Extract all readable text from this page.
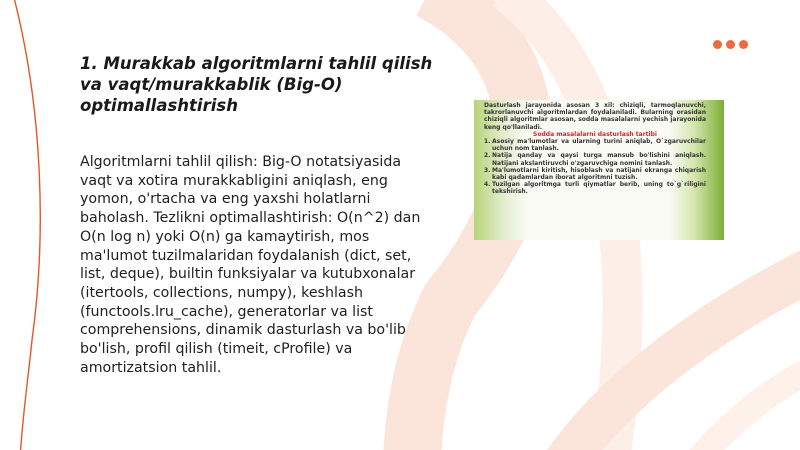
1. Murakkab algoritmlarni tahlil qilish va vaqt/murakkablik (Big-O) optimallashtirish

Algoritmlarni tahlil qilish: Big-O notatsiyasida vaqt va xotira murakkabligini aniqlash, eng yomon, o'rtacha va eng yaxshi holatlarni baholash. Tezlikni optimallashtirish: O(n^2) dan O(n log n) yoki O(n) ga kamaytirish, mos ma'lumot tuzilmalaridan foydalanish (dict, set, list, deque), builtin funksiyalar va kutubxonalar (itertools, collections, numpy), keshlash (functools.lru_cache), generatorlar va list comprehensions, dinamik dasturlash va bo'lib bo'lish, profil qilish (timeit, cProfile) va amortizatsion tahlil.

Dasturlash jarayonida asosan 3 xil: chiziqli, tarmoqlanuvchi, takrorlanuvchi algoritmlardan foydalaniladi. Bularning orasidan chiziqli algoritmlar asosan, sodda masalalarni yechish jarayonida keng qo'llaniladi.

Sodda masalalarni dasturlash tartibi

1. Asosiy ma'lumotlar va ularning turini aniqlab, O`zgaruvchilar uchun nom tanlash.
2. Natija qanday va qaysi turga mansub bo'lishini aniqlash. Natijani akslantiruvchi o'zgaruvchiga nomini tanlash.
3. Ma'lumotlarni kiritish, hisoblash va natijani ekranga chiqarish kabi qadamlardan iborat algoritmni tuzish.
4. Tuzilgan algoritmga turli qiymatlar berib, uning to`g`riligini tekshirish.
